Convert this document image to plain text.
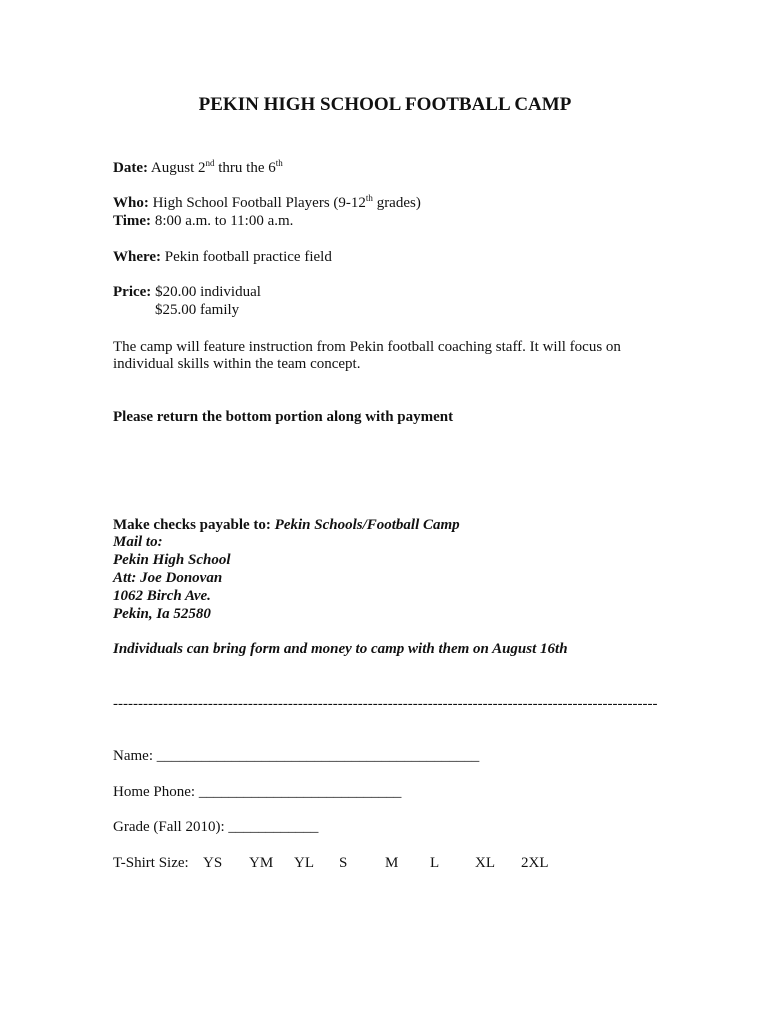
PEKIN HIGH SCHOOL FOOTBALL CAMP
Date: August 2nd thru the 6th
Who: High School Football Players (9-12th grades)
Time: 8:00 a.m. to 11:00 a.m.
Where: Pekin football practice field
Price: $20.00 individual
$25.00 family
The camp will feature instruction from Pekin football coaching staff. It will focus on
individual skills within the team concept.
Please return the bottom portion along with payment
Make checks payable to: Pekin Schools/Football Camp
Mail to:
Pekin High School
Att: Joe Donovan
1062 Birch Ave.
Pekin, Ia 52580
Individuals can bring form and money to camp with them on August 16th
-------------------------------------------------------------------------------------------------------------
Name: ___________________________________________
Home Phone: ___________________________
Grade (Fall 2010): ____________
T-Shirt Size: YS	YM	YL	S	M	L	XL	2XL
